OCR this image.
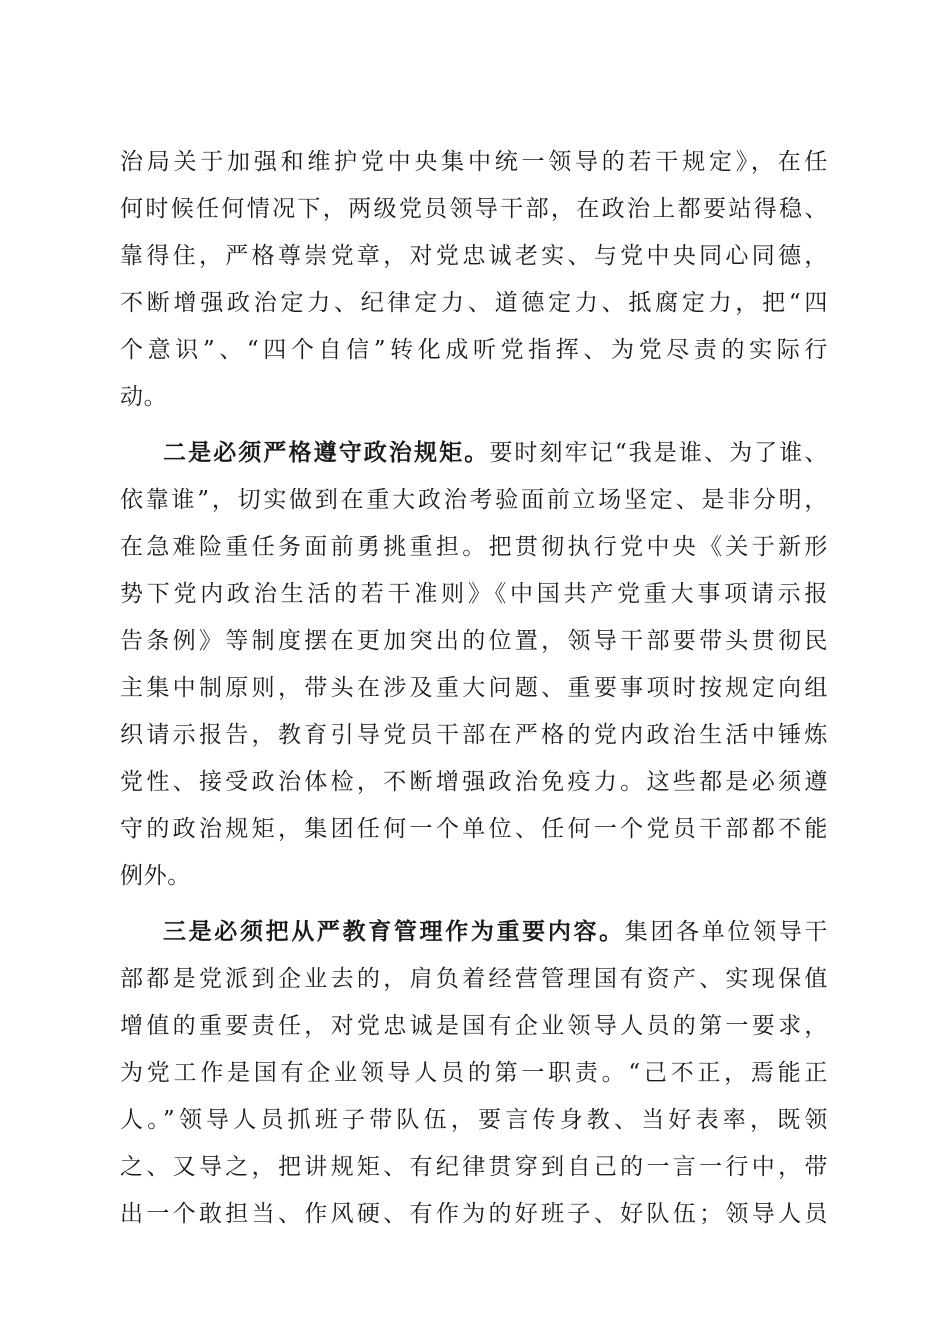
治局关于加强和维护党中央集中统一领导的若干规定》，在任
何时候任何情况下，两级党员领导干部，在政治上都要站得稳、
靠得住，严格尊崇党章，对党忠诚老实、与党中央同心同德，
不断增强政治定力、纪律定力、道德定力、抵腐定力，把“四
个意识”、“四个自信”转化成听党指挥、为党尽责的实际行
动。
二是必须严格遵守政治规矩。要时刻牢记“我是谁、为了谁、
依靠谁”，切实做到在重大政治考验面前立场坚定、是非分明，
在急难险重任务面前勇挑重担。把贯彻执行党中央《关于新形
势下党内政治生活的若干准则》《中国共产党重大事项请示报
告条例》等制度摆在更加突出的位置，领导干部要带头贯彻民
主集中制原则，带头在涉及重大问题、重要事项时按规定向组
织请示报告，教育引导党员干部在严格的党内政治生活中锤炼
党性、接受政治体检，不断增强政治免疫力。这些都是必须遵
守的政治规矩，集团任何一个单位、任何一个党员干部都不能
例外。
三是必须把从严教育管理作为重要内容。集团各单位领导干
部都是党派到企业去的，肩负着经营管理国有资产、实现保值
增值的重要责任，对党忠诚是国有企业领导人员的第一要求，
为党工作是国有企业领导人员的第一职责。“己不正，焉能正
人。”领导人员抓班子带队伍，要言传身教、当好表率，既领
之、又导之，把讲规矩、有纪律贯穿到自己的一言一行中，带
出一个敢担当、作风硬、有作为的好班子、好队伍；领导人员
